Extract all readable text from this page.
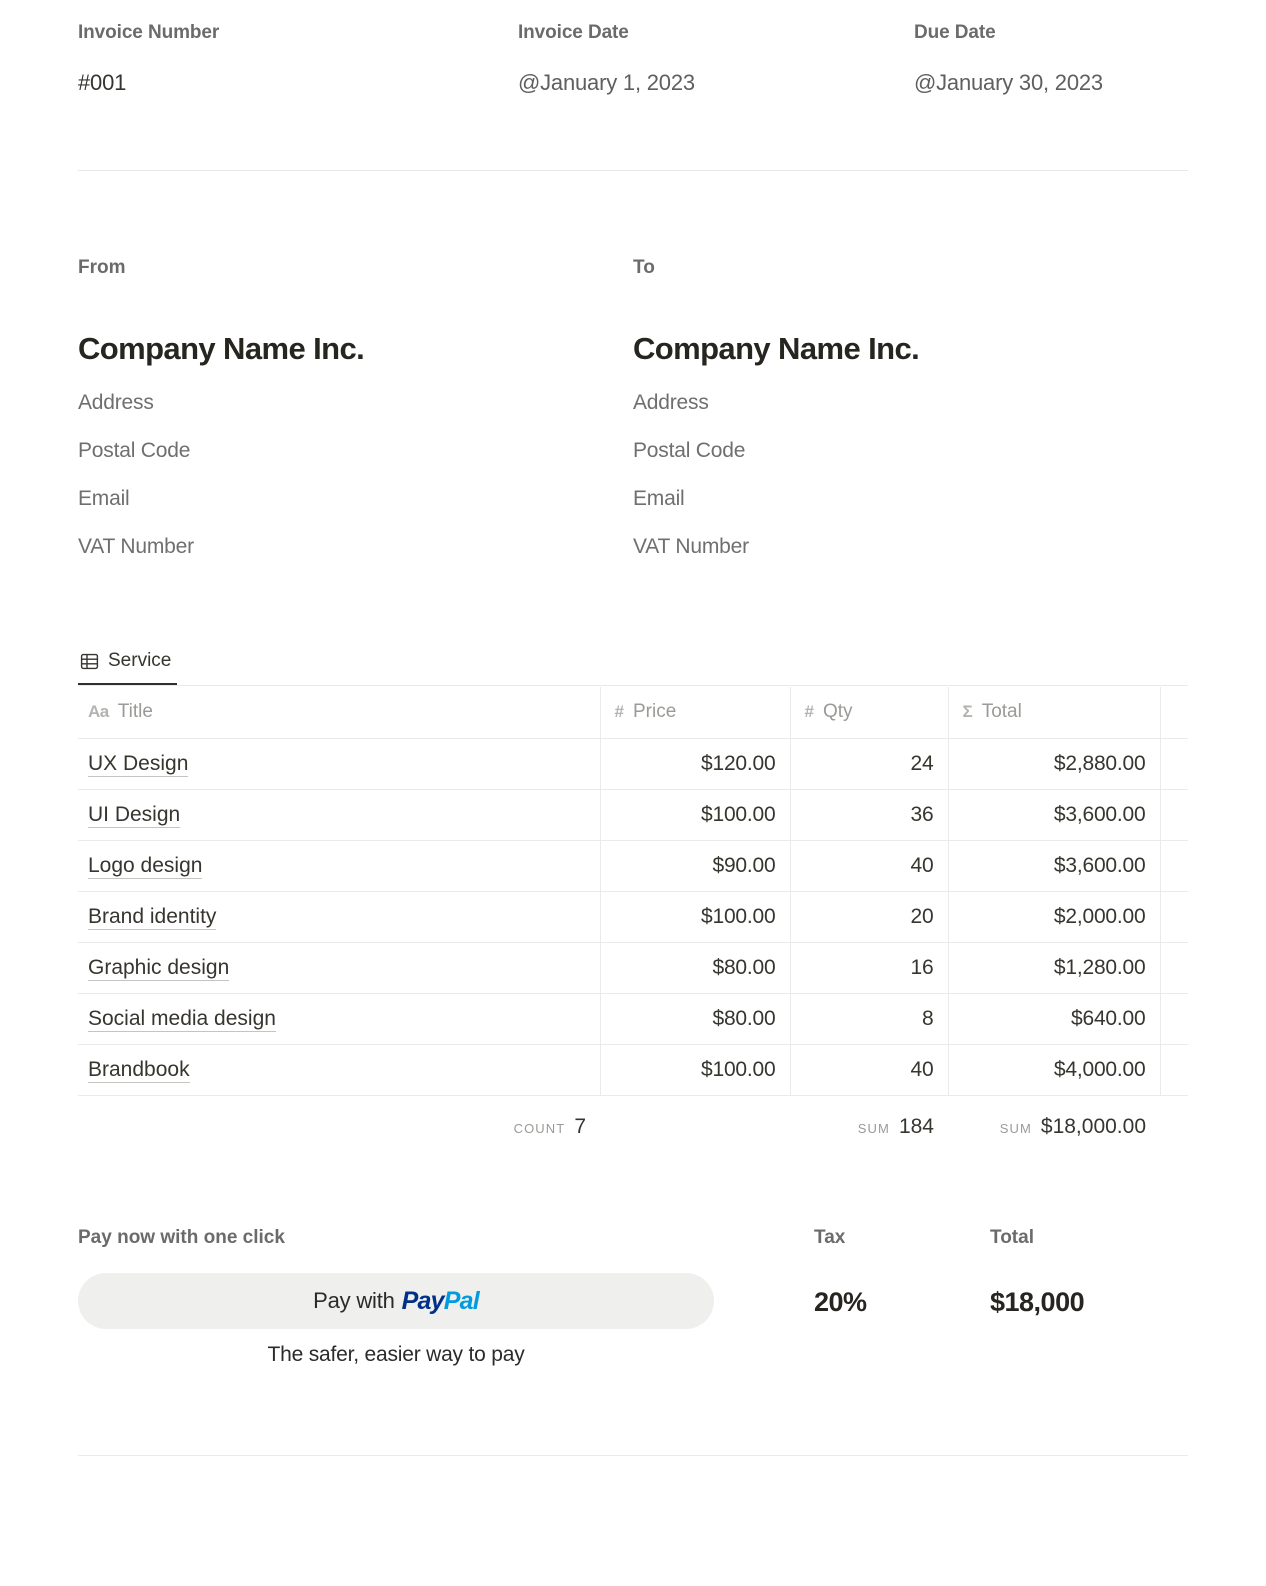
Invoice Number
#001
Invoice Date
@January 1, 2023
Due Date
@January 30, 2023
From
Company Name Inc.
Address
Postal Code
Email
VAT Number
To
Company Name Inc.
Address
Postal Code
Email
VAT Number
Service
Aa Title	# Price	# Qty	Σ Total	

UX Design	$120.00	24	$2,880.00	
UI Design	$100.00	36	$3,600.00	
Logo design	$90.00	40	$3,600.00	
Brand identity	$100.00	20	$2,000.00	
Graphic design	$80.00	16	$1,280.00	
Social media design	$80.00	8	$640.00	
Brandbook	$100.00	40	$4,000.00	

COUNT 7		SUM 184	SUM $18,000.00	

Pay now with one click
Pay with PayPal
The safer, easier way to pay
Tax
20%
Total
$18,000
